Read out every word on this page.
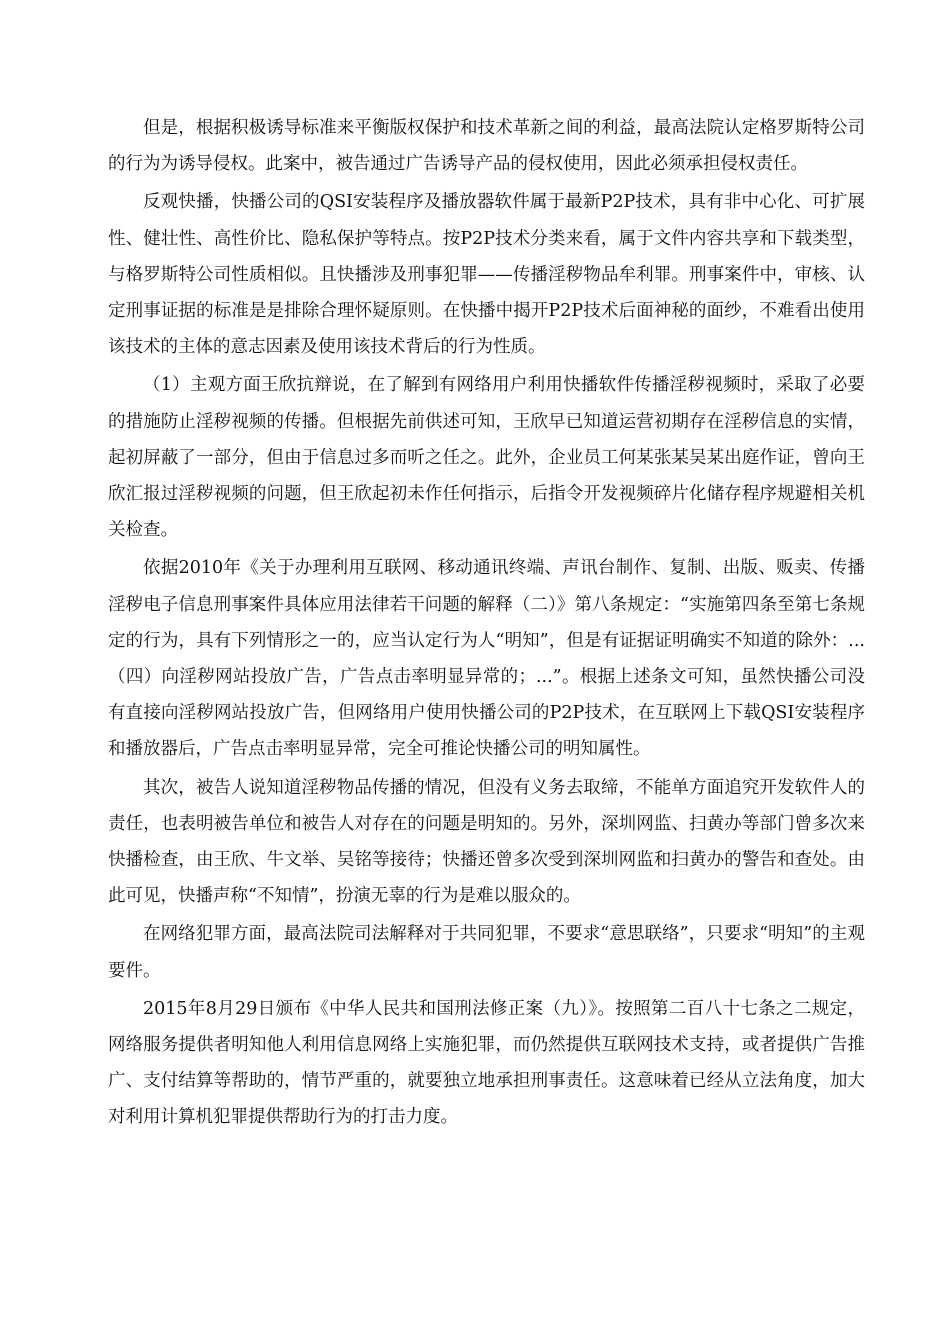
但是，根据积极诱导标准来平衡版权保护和技术革新之间的利益，最高法院认定格罗斯特公司的行为为诱导侵权。此案中，被告通过广告诱导产品的侵权使用，因此必须承担侵权责任。

反观快播，快播公司的QSI安装程序及播放器软件属于最新P2P技术，具有非中心化、可扩展性、健壮性、高性价比、隐私保护等特点。按P2P技术分类来看，属于文件内容共享和下载类型，与格罗斯特公司性质相似。且快播涉及刑事犯罪——传播淫秽物品牟利罪。刑事案件中，审核、认定刑事证据的标准是是排除合理怀疑原则。在快播中揭开P2P技术后面神秘的面纱，不难看出使用该技术的主体的意志因素及使用该技术背后的行为性质。

（1）主观方面王欣抗辩说，在了解到有网络用户利用快播软件传播淫秽视频时，采取了必要的措施防止淫秽视频的传播。但根据先前供述可知，王欣早已知道运营初期存在淫秽信息的实情，起初屏蔽了一部分，但由于信息过多而听之任之。此外，企业员工何某张某吴某出庭作证，曾向王欣汇报过淫秽视频的问题，但王欣起初未作任何指示，后指令开发视频碎片化储存程序规避相关机关检查。

依据2010年《关于办理利用互联网、移动通讯终端、声讯台制作、复制、出版、贩卖、传播淫秽电子信息刑事案件具体应用法律若干问题的解释（二）》第八条规定：“实施第四条至第七条规定的行为，具有下列情形之一的，应当认定行为人“明知”，但是有证据证明确实不知道的除外：...（四）向淫秽网站投放广告，广告点击率明显异常的；...”。根据上述条文可知，虽然快播公司没有直接向淫秽网站投放广告，但网络用户使用快播公司的P2P技术，在互联网上下载QSI安装程序和播放器后，广告点击率明显异常，完全可推论快播公司的明知属性。

其次，被告人说知道淫秽物品传播的情况，但没有义务去取缔，不能单方面追究开发软件人的责任，也表明被告单位和被告人对存在的问题是明知的。另外，深圳网监、扫黄办等部门曾多次来快播检查，由王欣、牛文举、吴铭等接待；快播还曾多次受到深圳网监和扫黄办的警告和查处。由此可见，快播声称“不知情”，扮演无辜的行为是难以服众的。

在网络犯罪方面，最高法院司法解释对于共同犯罪，不要求“意思联络”，只要求“明知”的主观要件。

2015年8月29日颁布《中华人民共和国刑法修正案（九）》。按照第二百八十七条之二规定，网络服务提供者明知他人利用信息网络上实施犯罪，而仍然提供互联网技术支持，或者提供广告推广、支付结算等帮助的，情节严重的，就要独立地承担刑事责任。这意味着已经从立法角度，加大对利用计算机犯罪提供帮助行为的打击力度。
